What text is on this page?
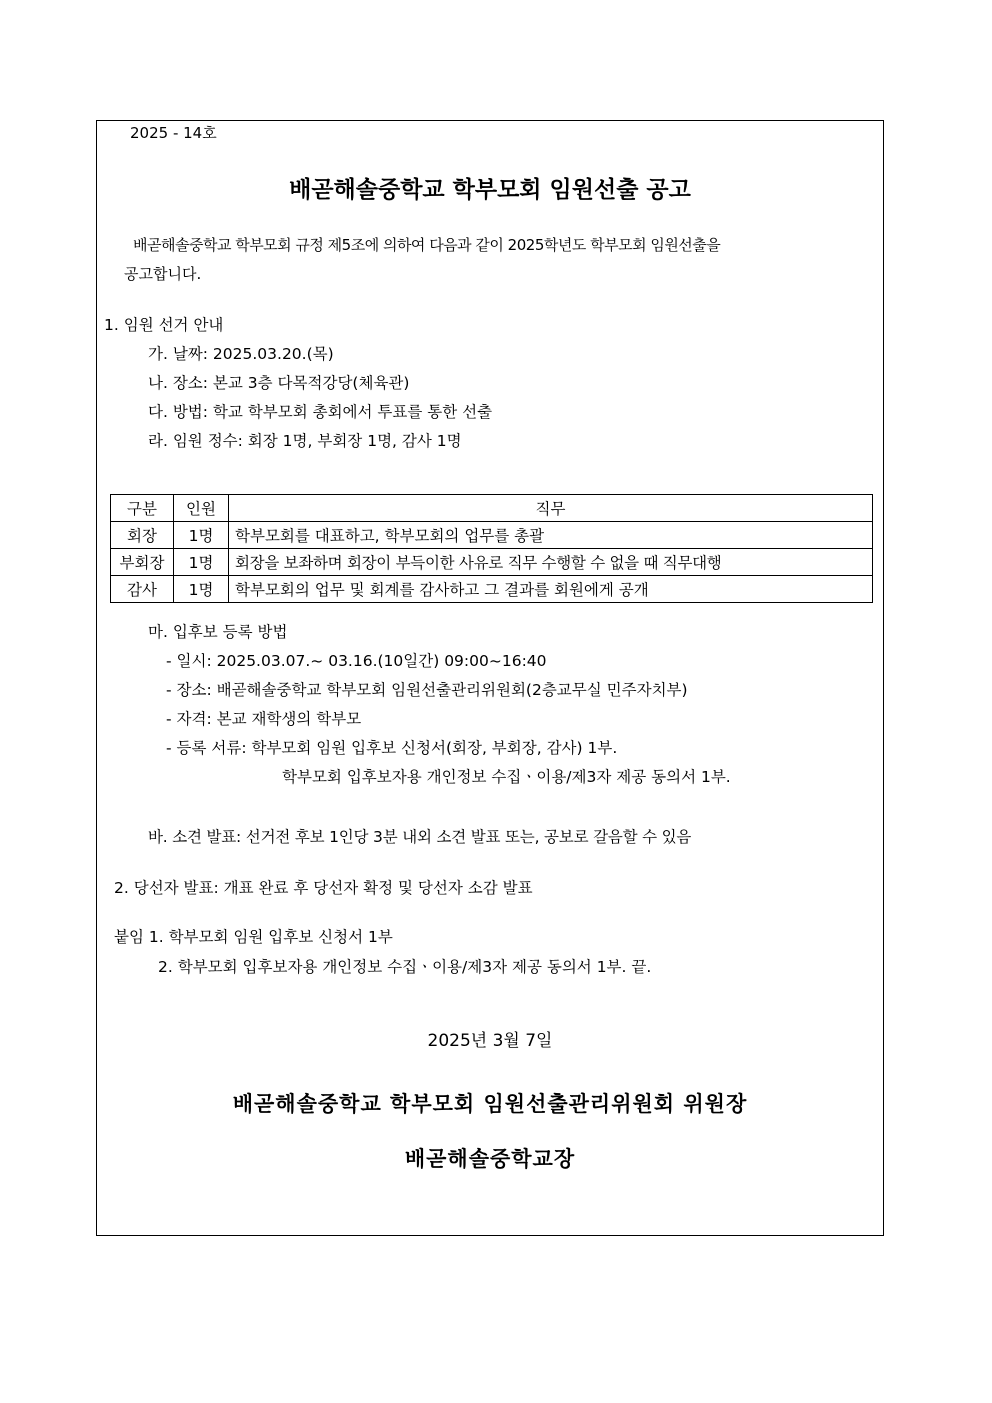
2025 - 14호
배곧해솔중학교 학부모회 임원선출 공고
배곧해솔중학교 학부모회 규정 제5조에 의하여 다음과 같이 2025학년도 학부모회 임원선출을
공고합니다.
1. 임원 선거 안내
가. 날짜: 2025.03.20.(목)
나. 장소: 본교 3층 다목적강당(체육관)
다. 방법: 학교 학부모회 총회에서 투표를 통한 선출
라. 임원 정수: 회장 1명, 부회장 1명, 감사 1명
구분	인원	직무
회장	1명	학부모회를 대표하고, 학부모회의 업무를 총괄
부회장	1명	회장을 보좌하며 회장이 부득이한 사유로 직무 수행할 수 없을 때 직무대행
감사	1명	학부모회의 업무 및 회계를 감사하고 그 결과를 회원에게 공개
마. 입후보 등록 방법
- 일시: 2025.03.07.~ 03.16.(10일간) 09:00~16:40
- 장소: 배곧해솔중학교 학부모회 임원선출관리위원회(2층교무실 민주자치부)
- 자격: 본교 재학생의 학부모
- 등록 서류: 학부모회 임원 입후보 신청서(회장, 부회장, 감사) 1부.
학부모회 입후보자용 개인정보 수집ㆍ이용/제3자 제공 동의서 1부.
바. 소견 발표: 선거전 후보 1인당 3분 내외 소견 발표 또는, 공보로 갈음할 수 있음
2. 당선자 발표: 개표 완료 후 당선자 확정 및 당선자 소감 발표
붙임 1. 학부모회 임원 입후보 신청서 1부
2. 학부모회 입후보자용 개인정보 수집ㆍ이용/제3자 제공 동의서 1부. 끝.
2025년 3월 7일
배곧해솔중학교 학부모회 임원선출관리위원회 위원장
배곧해솔중학교장
